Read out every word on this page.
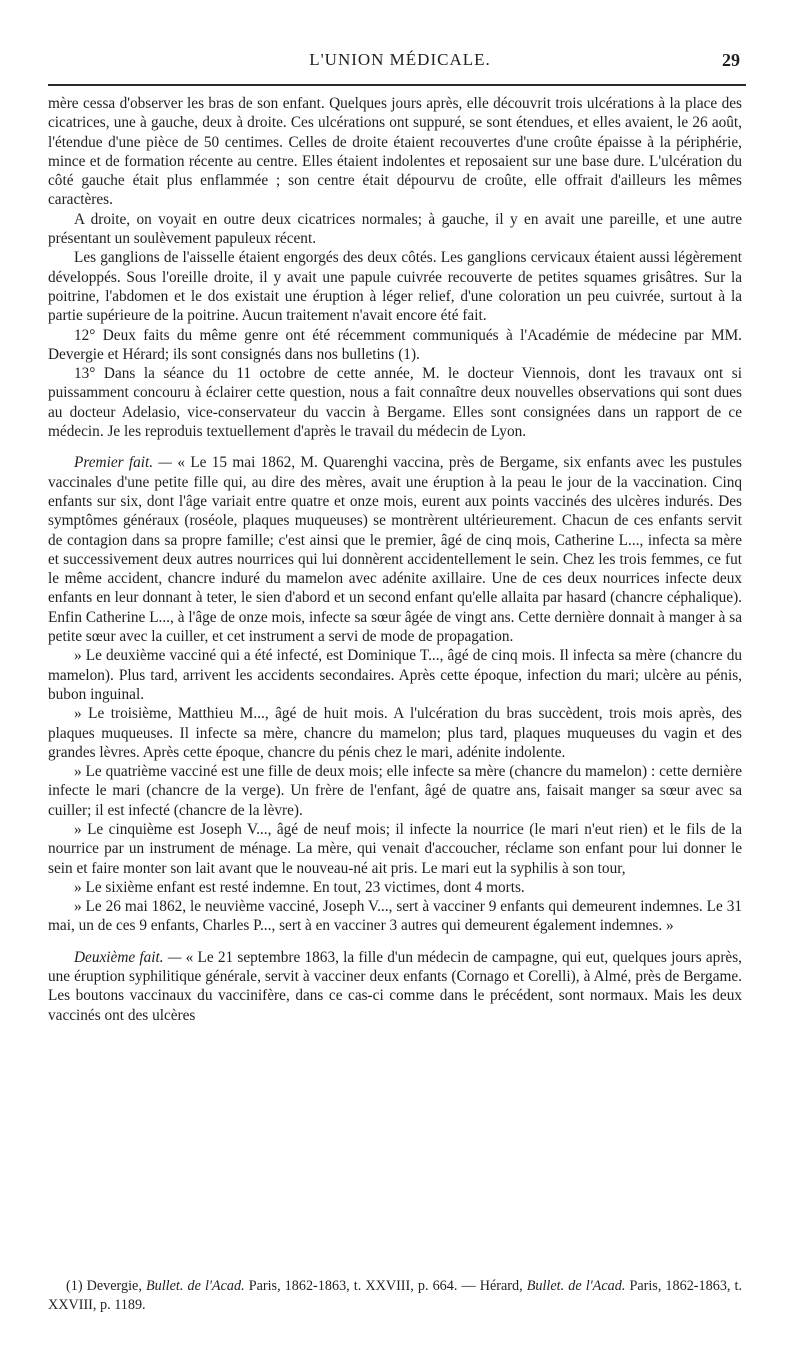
L'UNION MÉDICALE.	29

mère cessa d'observer les bras de son enfant. Quelques jours après, elle découvrit trois ulcérations à la place des cicatrices, une à gauche, deux à droite. Ces ulcérations ont suppuré, se sont étendues, et elles avaient, le 26 août, l'étendue d'une pièce de 50 centimes. Celles de droite étaient recouvertes d'une croûte épaisse à la périphérie, mince et de formation récente au centre. Elles étaient indolentes et reposaient sur une base dure. L'ulcération du côté gauche était plus enflammée ; son centre était dépourvu de croûte, elle offrait d'ailleurs les mêmes caractères.

A droite, on voyait en outre deux cicatrices normales; à gauche, il y en avait une pareille, et une autre présentant un soulèvement papuleux récent.

Les ganglions de l'aisselle étaient engorgés des deux côtés. Les ganglions cervicaux étaient aussi légèrement développés. Sous l'oreille droite, il y avait une papule cuivrée recouverte de petites squames grisâtres. Sur la poitrine, l'abdomen et le dos existait une éruption à léger relief, d'une coloration un peu cuivrée, surtout à la partie supérieure de la poitrine. Aucun traitement n'avait encore été fait.

12° Deux faits du même genre ont été récemment communiqués à l'Académie de médecine par MM. Devergie et Hérard; ils sont consignés dans nos bulletins (1).

13° Dans la séance du 11 octobre de cette année, M. le docteur Viennois, dont les travaux ont si puissamment concouru à éclairer cette question, nous a fait connaître deux nouvelles observations qui sont dues au docteur Adelasio, vice-conservateur du vaccin à Bergame. Elles sont consignées dans un rapport de ce médecin. Je les reproduis textuellement d'après le travail du médecin de Lyon.

Premier fait. — « Le 15 mai 1862, M. Quarenghi vaccina, près de Bergame, six enfants avec les pustules vaccinales d'une petite fille qui, au dire des mères, avait une éruption à la peau le jour de la vaccination. Cinq enfants sur six, dont l'âge variait entre quatre et onze mois, eurent aux points vaccinés des ulcères indurés. Des symptômes généraux (roséole, plaques muqueuses) se montrèrent ultérieurement. Chacun de ces enfants servit de contagion dans sa propre famille; c'est ainsi que le premier, âgé de cinq mois, Catherine L..., infecta sa mère et successivement deux autres nourrices qui lui donnèrent accidentellement le sein. Chez les trois femmes, ce fut le même accident, chancre induré du mamelon avec adénite axillaire. Une de ces deux nourrices infecte deux enfants en leur donnant à teter, le sien d'abord et un second enfant qu'elle allaita par hasard (chancre céphalique). Enfin Catherine L..., à l'âge de onze mois, infecte sa sœur âgée de vingt ans. Cette dernière donnait à manger à sa petite sœur avec la cuiller, et cet instrument a servi de mode de propagation.

» Le deuxième vacciné qui a été infecté, est Dominique T..., âgé de cinq mois. Il infecta sa mère (chancre du mamelon). Plus tard, arrivent les accidents secondaires. Après cette époque, infection du mari; ulcère au pénis, bubon inguinal.

» Le troisième, Matthieu M..., âgé de huit mois. A l'ulcération du bras succèdent, trois mois après, des plaques muqueuses. Il infecte sa mère, chancre du mamelon; plus tard, plaques muqueuses du vagin et des grandes lèvres. Après cette époque, chancre du pénis chez le mari, adénite indolente.

» Le quatrième vacciné est une fille de deux mois; elle infecte sa mère (chancre du mamelon) : cette dernière infecte le mari (chancre de la verge). Un frère de l'enfant, âgé de quatre ans, faisait manger sa sœur avec sa cuiller; il est infecté (chancre de la lèvre).

» Le cinquième est Joseph V..., âgé de neuf mois; il infecte la nourrice (le mari n'eut rien) et le fils de la nourrice par un instrument de ménage. La mère, qui venait d'accoucher, réclame son enfant pour lui donner le sein et faire monter son lait avant que le nouveau-né ait pris. Le mari eut la syphilis à son tour,

» Le sixième enfant est resté indemne. En tout, 23 victimes, dont 4 morts.

» Le 26 mai 1862, le neuvième vacciné, Joseph V..., sert à vacciner 9 enfants qui demeurent indemnes. Le 31 mai, un de ces 9 enfants, Charles P..., sert à en vacciner 3 autres qui demeurent également indemnes. »

Deuxième fait. — « Le 21 septembre 1863, la fille d'un médecin de campagne, qui eut, quelques jours après, une éruption syphilitique générale, servit à vacciner deux enfants (Cornago et Corelli), à Almé, près de Bergame. Les boutons vaccinaux du vaccinifère, dans ce cas-ci comme dans le précédent, sont normaux. Mais les deux vaccinés ont des ulcères

(1) Devergie, Bullet. de l'Acad. Paris, 1862-1863, t. XXVIII, p. 664. — Hérard, Bullet. de l'Acad. Paris, 1862-1863, t. XXVIII, p. 1189.
